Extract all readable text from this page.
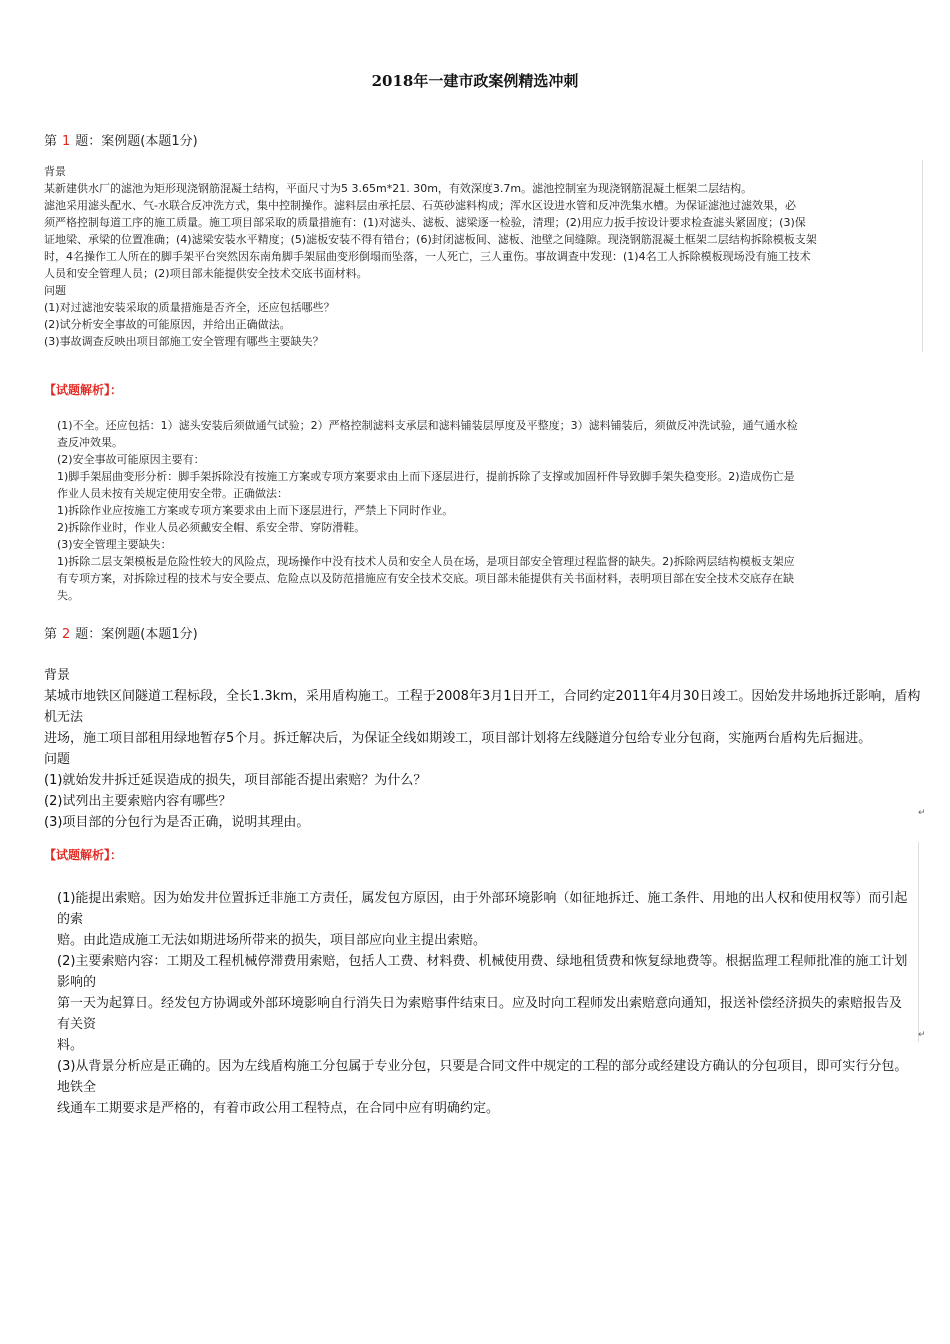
2018年一建市政案例精选冲刺
第 1 题：案例题(本题1分)
背景

某新建供水厂的滤池为矩形现浇钢筋混凝土结构，平面尺寸为5 3.65m*21. 30m，有效深度3.7m。滤池控制室为现浇钢筋混凝土框架二层结构。

滤池采用滤头配水、气-水联合反冲洗方式，集中控制操作。滤料层由承托层、石英砂滤料构成；浑水区设进水管和反冲洗集水槽。为保证滤池过滤效果，必

须严格控制每道工序的施工质量。施工项目部采取的质量措施有：(1)对滤头、滤板、滤梁逐一检验，清理；(2)用应力扳手按设计要求检查滤头紧固度；(3)保

证地梁、承梁的位置准确；(4)滤梁安装水平精度；(5)滤板安装不得有错台；(6)封闭滤板间、滤板、池壁之间缝隙。现浇钢筋混凝土框架二层结构拆除模板支架

时，4名操作工人所在的脚手架平台突然因东南角脚手架屈曲变形倒塌而坠落，一人死亡，三人重伤。事故调查中发现：(1)4名工人拆除模板现场没有施工技术

人员和安全管理人员；(2)项目部未能提供安全技术交底书面材料。

问题

(1)对过滤池安装采取的质量措施是否齐全，还应包括哪些？

(2)试分析安全事故的可能原因，并给出正确做法。

(3)事故调查反映出项目部施工安全管理有哪些主要缺失？

【试题解析】：

(1)不全。还应包括：1）滤头安装后须做通气试验；2）严格控制滤料支承层和滤料铺装层厚度及平整度；3）滤料铺装后，须做反冲洗试验，通气通水检

查反冲效果。

(2)安全事故可能原因主要有：

1)脚手架屈曲变形分析：脚手架拆除没有按施工方案或专项方案要求由上而下逐层进行，提前拆除了支撑或加固杆件导致脚手架失稳变形。2)造成伤亡是

作业人员未按有关规定使用安全带。正确做法：

1)拆除作业应按施工方案或专项方案要求由上而下逐层进行，严禁上下同时作业。

2)拆除作业时，作业人员必须戴安全帽、系安全带、穿防滑鞋。

(3)安全管理主要缺失：

1)拆除二层支架模板是危险性较大的风险点，现场操作中没有技术人员和安全人员在场，是项目部安全管理过程监督的缺失。2)拆除两层结构模板支架应

有专项方案，对拆除过程的技术与安全要点、危险点以及防范措施应有安全技术交底。项目部未能提供有关书面材料，表明项目部在安全技术交底存在缺

失。

第 2 题：案例题(本题1分)
背景

某城市地铁区间隧道工程标段，全长1.3km，采用盾构施工。工程于2008年3月1日开工，合同约定2011年4月30日竣工。因始发井场地拆迁影响，盾构机无法

进场，施工项目部租用绿地暂存5个月。拆迁解决后，为保证全线如期竣工，项目部计划将左线隧道分包给专业分包商，实施两台盾构先后掘进。

问题

(1)就始发井拆迁延误造成的损失，项目部能否提出索赔？为什么？

(2)试列出主要索赔内容有哪些？

(3)项目部的分包行为是否正确，说明其理由。

↵
【试题解析】：

(1)能提出索赔。因为始发井位置拆迁非施工方责任，属发包方原因，由于外部环境影响（如征地拆迁、施工条件、用地的出人权和使用权等）而引起的索

赔。由此造成施工无法如期进场所带来的损失，项目部应向业主提出索赔。

(2)主要索赔内容：工期及工程机械停滞费用索赔，包括人工费、材料费、机械使用费、绿地租赁费和恢复绿地费等。根据监理工程师批准的施工计划影响的

第一天为起算日。经发包方协调或外部环境影响自行消失日为索赔事件结束日。应及时向工程师发出索赔意向通知，报送补偿经济损失的索赔报告及有关资

料。

(3)从背景分析应是正确的。因为左线盾构施工分包属于专业分包，只要是合同文件中规定的工程的部分或经建设方确认的分包项目，即可实行分包。地铁全

线通车工期要求是严格的，有着市政公用工程特点，在合同中应有明确约定。

↵
